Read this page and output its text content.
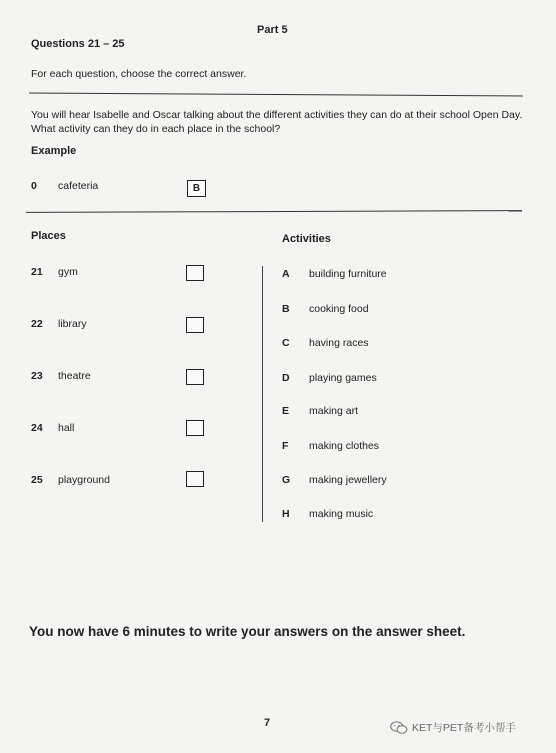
Part 5
Questions 21 – 25
For each question, choose the correct answer.
You will hear Isabelle and Oscar talking about the different activities they can do at their school Open Day. What activity can they do in each place in the school?
Example
0 cafeteria	B
Places	Activities
21 gym
22 library
23 theatre
24 hall
25 playground
A building furniture
B cooking food
C having races
D playing games
E making art
F making clothes
G making jewellery
H making music
You now have 6 minutes to write your answers on the answer sheet.
7	KET与PET备考小帮手
